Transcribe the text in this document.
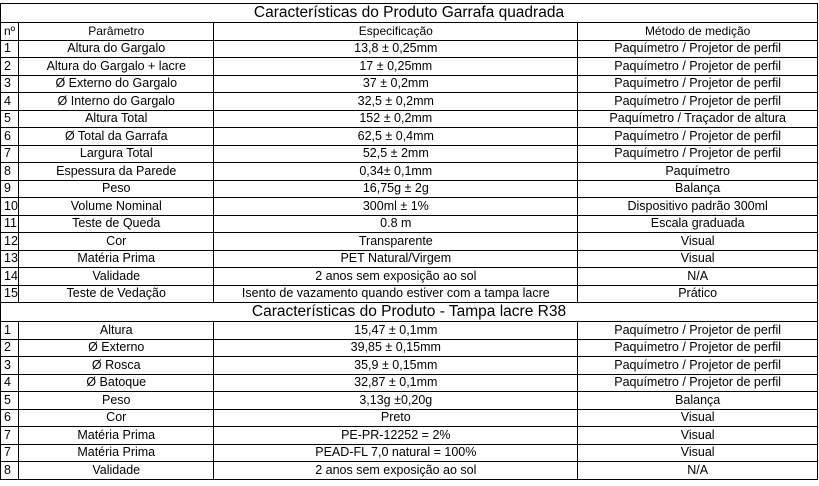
Características do Produto Garrafa quadrada			
nº	Parâmetro	Especificação	Método de medição
1	Altura do Gargalo	13,8 ± 0,25mm	Paquímetro / Projetor de perfil
2	Altura do Gargalo + lacre	17 ± 0,25mm	Paquímetro / Projetor de perfil
3	Ø Externo do Gargalo	37 ± 0,2mm	Paquímetro / Projetor de perfil
4	Ø Interno do Gargalo	32,5 ± 0,2mm	Paquímetro / Projetor de perfil
5	Altura Total	152 ± 0,2mm	Paquímetro / Traçador de altura
6	Ø Total da Garrafa	62,5 ± 0,4mm	Paquímetro / Projetor de perfil
7	Largura Total	52,5 ± 2mm	Paquímetro / Projetor de perfil
8	Espessura da Parede	0,34± 0,1mm	Paquímetro
9	Peso	16,75g ± 2g	Balança
10	Volume Nominal	300ml ± 1%	Dispositivo padrão 300ml
11	Teste de Queda	0.8 m	Escala graduada
12	Cor	Transparente	Visual
13	Matéria Prima	PET Natural/Virgem	Visual
14	Validade	2 anos sem exposição ao sol	N/A
15	Teste de Vedação	Isento de vazamento quando estiver com a tampa lacre	Prático
Características do Produto - Tampa lacre R38			
1	Altura	15,47 ± 0,1mm	Paquímetro / Projetor de perfil
2	Ø Externo	39,85 ± 0,15mm	Paquímetro / Projetor de perfil
3	Ø Rosca	35,9 ± 0,15mm	Paquímetro / Projetor de perfil
4	Ø Batoque	32,87 ± 0,1mm	Paquímetro / Projetor de perfil
5	Peso	3,13g ±0,20g	Balança
6	Cor	Preto	Visual
7	Matéria Prima	PE-PR-12252 = 2%	Visual
7	Matéria Prima	PEAD-FL 7,0 natural = 100%	Visual
8	Validade	2 anos sem exposição ao sol	N/A
